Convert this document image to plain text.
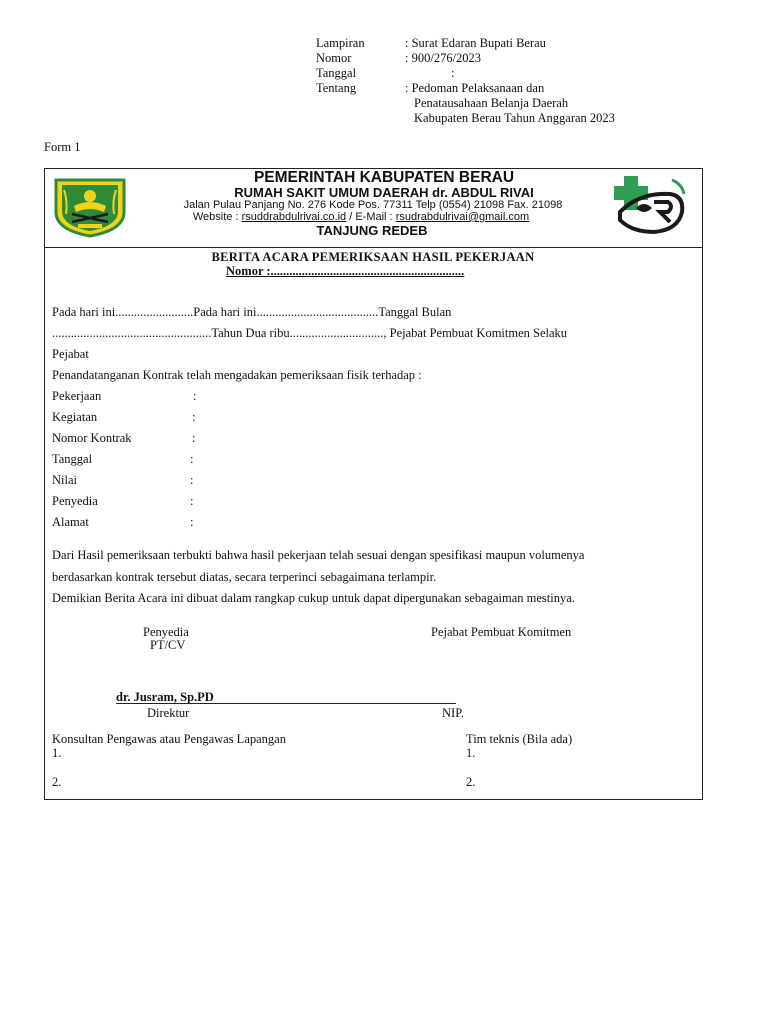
Lampiran	: Surat Edaran Bupati Berau
Nomor	: 900/276/2023
Tanggal	:
Tentang	: Pedoman Pelaksanaan dan
Penatausahaan Belanja Daerah
Kabupaten Berau Tahun Anggaran 2023
Form 1
PEMERINTAH KABUPATEN BERAU
RUMAH SAKIT UMUM DAERAH dr. ABDUL RIVAI
Jalan Pulau Panjang No. 276 Kode Pos. 77311 Telp (0554) 21098 Fax. 21098
Website : rsuddrabdulrivai.co.id / E-Mail : rsudrabdulrivai@gmail.com
TANJUNG REDEB
BERITA ACARA PEMERIKSAAN HASIL PEKERJAAN
Nomor :..............................................................
Pada hari ini.........................Pada hari ini.......................................Tanggal Bulan
...................................................Tahun Dua ribu.............................., Pejabat Pembuat Komitmen Selaku
Pejabat
Penandatanganan Kontrak telah mengadakan pemeriksaan fisik terhadap :
Pekerjaan	:
Kegiatan	:
Nomor Kontrak	:
Tanggal	:
Nilai	:
Penyedia	:
Alamat	:
Dari Hasil pemeriksaan terbukti bahwa hasil pekerjaan telah sesuai dengan spesifikasi maupun volumenya
berdasarkan kontrak tersebut diatas, secara terperinci sebagaimana terlampir.
Demikian Berita Acara ini dibuat dalam rangkap cukup untuk dapat dipergunakan sebagaiman mestinya.
Penyedia
PT/CV
Pejabat Pembuat Komitmen
dr. Jusram, Sp.PD
Direktur	NIP.
Konsultan Pengawas atau Pengawas Lapangan	Tim teknis (Bila ada)
1.	1.
2.	2.
